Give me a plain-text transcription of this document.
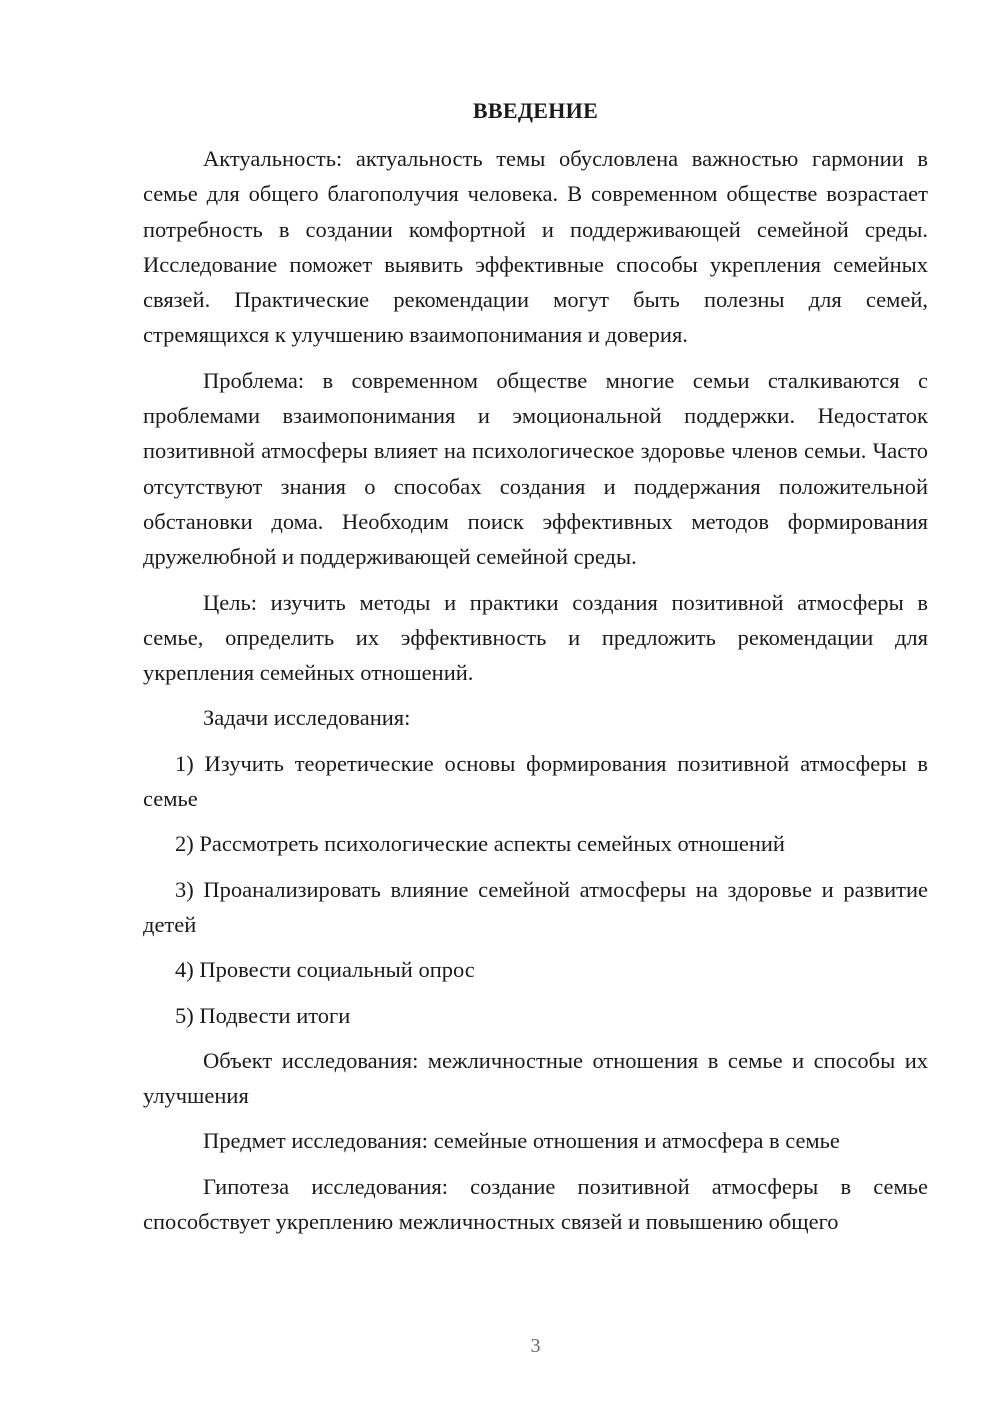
ВВЕДЕНИЕ

Актуальность: актуальность темы обусловлена важностью гармонии в семье для общего благополучия человека. В современном обществе возрастает потребность в создании комфортной и поддерживающей семейной среды. Исследование поможет выявить эффективные способы укрепления семейных связей. Практические рекомендации могут быть полезны для семей, стремящихся к улучшению взаимопонимания и доверия.

Проблема: в современном обществе многие семьи сталкиваются с проблемами взаимопонимания и эмоциональной поддержки. Недостаток позитивной атмосферы влияет на психологическое здоровье членов семьи. Часто отсутствуют знания о способах создания и поддержания положительной обстановки дома. Необходим поиск эффективных методов формирования дружелюбной и поддерживающей семейной среды.

Цель: изучить методы и практики создания позитивной атмосферы в семье, определить их эффективность и предложить рекомендации для укрепления семейных отношений.

Задачи исследования:

1) Изучить теоретические основы формирования позитивной атмосферы в семье

2) Рассмотреть психологические аспекты семейных отношений

3) Проанализировать влияние семейной атмосферы на здоровье и развитие детей

4) Провести социальный опрос

5) Подвести итоги

Объект исследования: межличностные отношения в семье и способы их улучшения

Предмет исследования: семейные отношения и атмосфера в семье

Гипотеза исследования: создание позитивной атмосферы в семье способствует укреплению межличностных связей и повышению общего

3
